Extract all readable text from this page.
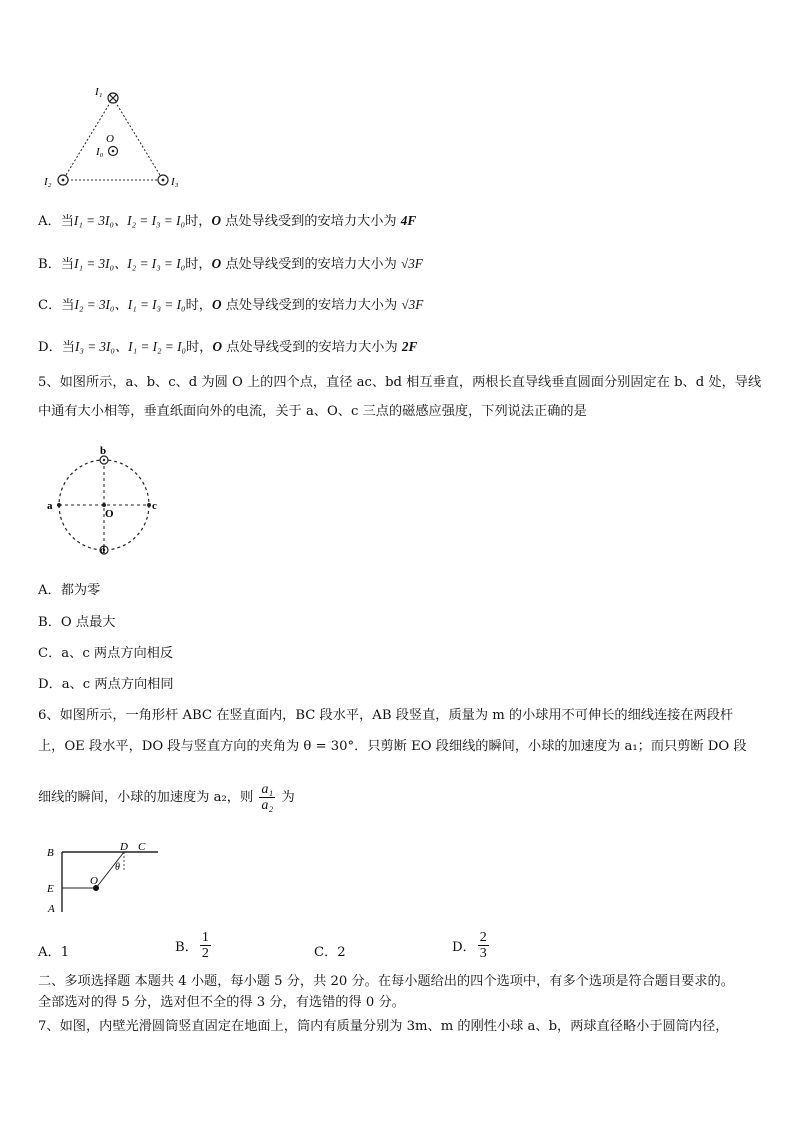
I₁
O
I₀
I₂	I₃
A．当I₁ = 3I₀、I₂ = I₃ = I₀时，O 点处导线受到的安培力大小为 4F
B．当I₁ = 3I₀、I₂ = I₃ = I₀时，O 点处导线受到的安培力大小为 √3F
C．当I₂ = 3I₀、I₁ = I₃ = I₀时，O 点处导线受到的安培力大小为 √3F
D．当I₃ = 3I₀、I₁ = I₂ = I₀时，O 点处导线受到的安培力大小为 2F
5、如图所示，a、b、c、d 为圆 O 上的四个点，直径 ac、bd 相互垂直，两根长直导线垂直圆面分别固定在 b、d 处，导线中通有大小相等，垂直纸面向外的电流，关于 a、O、c 三点的磁感应强度，下列说法正确的是
b
a	c
O
d
A．都为零
B．O 点最大
C．a、c 两点方向相反
D．a、c 两点方向相同
6、如图所示，一角形杆 ABC 在竖直面内，BC 段水平，AB 段竖直，质量为 m 的小球用不可伸长的细线连接在两段杆
上，OE 段水平，DO 段与竖直方向的夹角为 θ = 30°．只剪断 EO 段细线的瞬间，小球的加速度为 a₁；而只剪断 DO 段
细线的瞬间，小球的加速度为 a₂，则 $\frac{\text{a₁}}{\text{a₂}}$ 为
B	D C
θ
E
O
A
A．1	B． $\frac{1}{2}$	C．2	D． $\frac{2}{3}$
二、多项选择题 本题共 4 小题，每小题 5 分，共 20 分。在每小题给出的四个选项中，有多个选项是符合题目要求的。
全部选对的得 5 分，选对但不全的得 3 分，有选错的得 0 分。
7、如图，内壁光滑圆筒竖直固定在地面上，筒内有质量分别为 3m、m 的刚性小球 a、b，两球直径略小于圆筒内径，
